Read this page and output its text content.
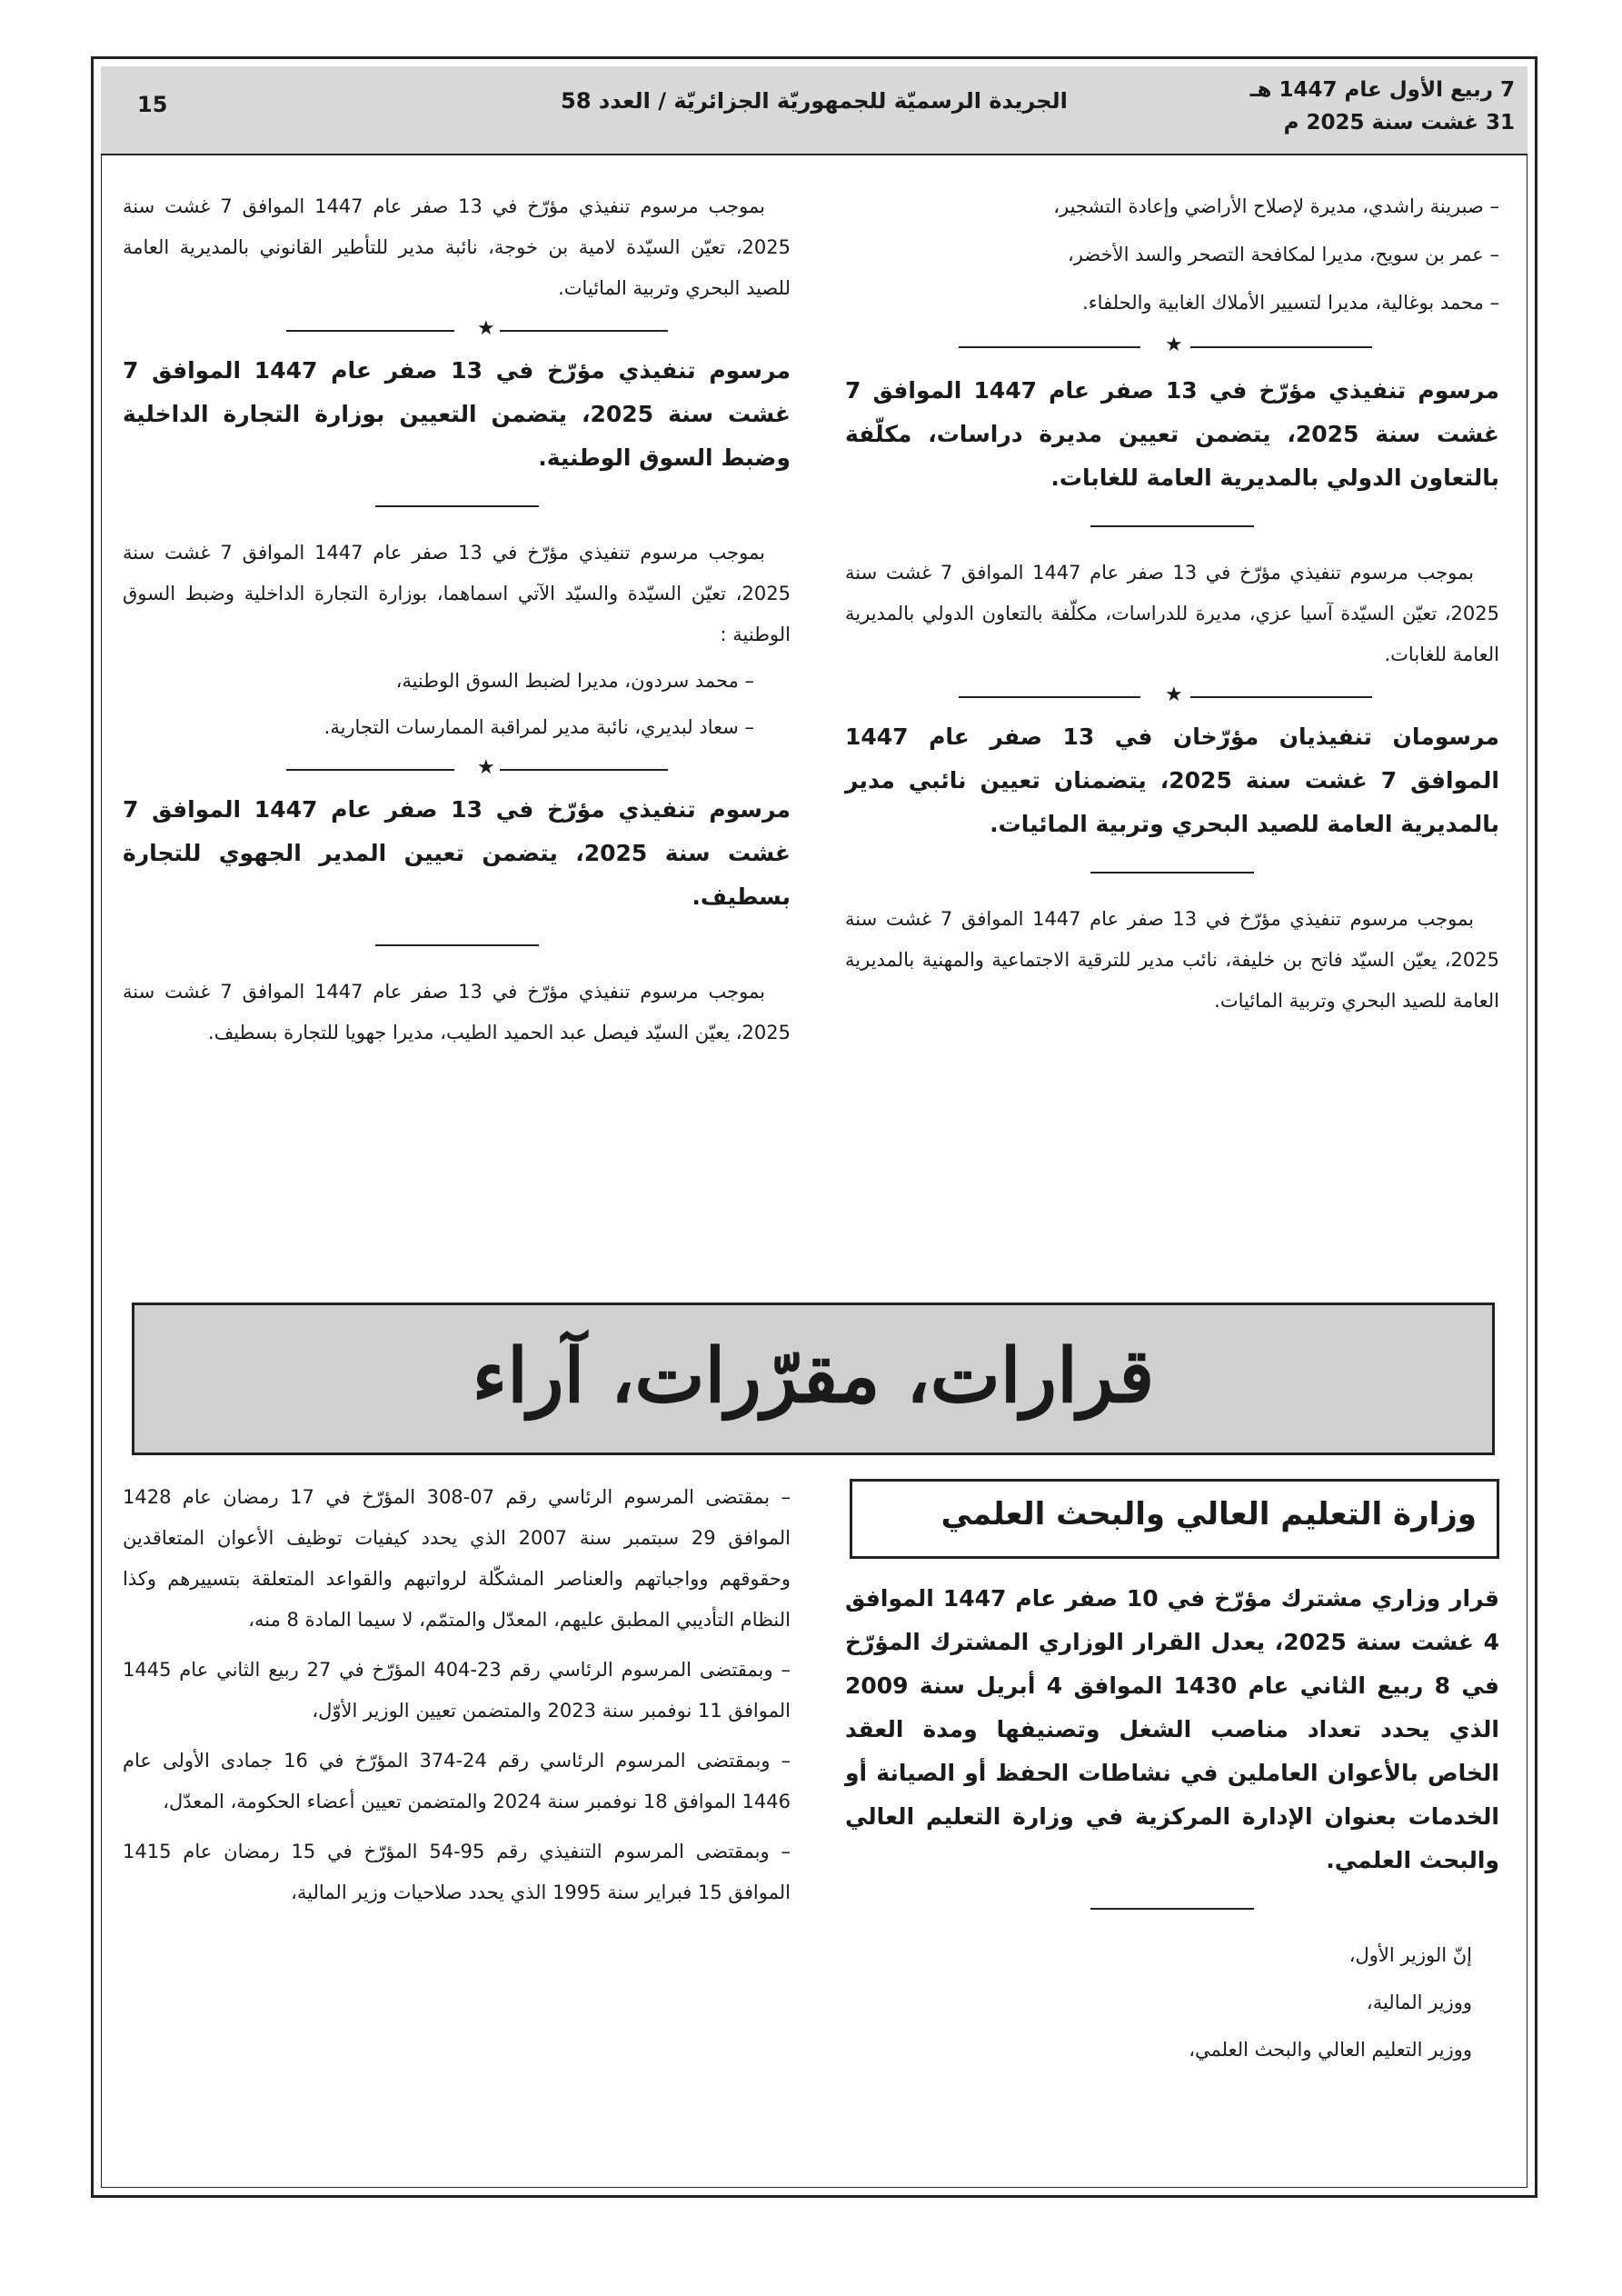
7 ربيع الأول عام 1447 هـ
31 غشت سنة 2025 م
الجريدة الرسميّة للجمهوريّة الجزائريّة / العدد 58
15

– صبرينة راشدي، مديرة لإصلاح الأراضي وإعادة التشجير،

– عمر بن سويح، مديرا لمكافحة التصحر والسد الأخضر،

– محمد بوغالية، مديرا لتسيير الأملاك الغابية والحلفاء.

★

مرسوم تنفيذي مؤرّخ في 13 صفر عام 1447 الموافق 7 غشت سنة 2025، يتضمن تعيين مديرة دراسات، مكلّفة بالتعاون الدولي بالمديرية العامة للغابات.

بموجب مرسوم تنفيذي مؤرّخ في 13 صفر عام 1447 الموافق 7 غشت سنة 2025، تعيّن السيّدة آسيا عزي، مديرة للدراسات، مكلّفة بالتعاون الدولي بالمديرية العامة للغابات.

★

مرسومان تنفيذيان مؤرّخان في 13 صفر عام 1447 الموافق 7 غشت سنة 2025، يتضمنان تعيين نائبي مدير بالمديرية العامة للصيد البحري وتربية المائيات.

بموجب مرسوم تنفيذي مؤرّخ في 13 صفر عام 1447 الموافق 7 غشت سنة 2025، يعيّن السيّد فاتح بن خليفة، نائب مدير للترقية الاجتماعية والمهنية بالمديرية العامة للصيد البحري وتربية المائيات.

بموجب مرسوم تنفيذي مؤرّخ في 13 صفر عام 1447 الموافق 7 غشت سنة 2025، تعيّن السيّدة لامية بن خوجة، نائبة مدير للتأطير القانوني بالمديرية العامة للصيد البحري وتربية المائيات.

★

مرسوم تنفيذي مؤرّخ في 13 صفر عام 1447 الموافق 7 غشت سنة 2025، يتضمن التعيين بوزارة التجارة الداخلية وضبط السوق الوطنية.

بموجب مرسوم تنفيذي مؤرّخ في 13 صفر عام 1447 الموافق 7 غشت سنة 2025، تعيّن السيّدة والسيّد الآتي اسماهما، بوزارة التجارة الداخلية وضبط السوق الوطنية :

– محمد سردون، مديرا لضبط السوق الوطنية،

– سعاد لبديري، نائبة مدير لمراقبة الممارسات التجارية.

★

مرسوم تنفيذي مؤرّخ في 13 صفر عام 1447 الموافق 7 غشت سنة 2025، يتضمن تعيين المدير الجهوي للتجارة بسطيف.

بموجب مرسوم تنفيذي مؤرّخ في 13 صفر عام 1447 الموافق 7 غشت سنة 2025، يعيّن السيّد فيصل عبد الحميد الطيب، مديرا جهويا للتجارة بسطيف.

قرارات، مقرّرات، آراء
وزارة التعليم العالي والبحث العلمي

قرار وزاري مشترك مؤرّخ في 10 صفر عام 1447 الموافق 4 غشت سنة 2025، يعدل القرار الوزاري المشترك المؤرّخ في 8 ربيع الثاني عام 1430 الموافق 4 أبريل سنة 2009 الذي يحدد تعداد مناصب الشغل وتصنيفها ومدة العقد الخاص بالأعوان العاملين في نشاطات الحفظ أو الصيانة أو الخدمات بعنوان الإدارة المركزية في وزارة التعليم العالي والبحث العلمي.

إنّ الوزير الأول،
ووزير المالية،
ووزير التعليم العالي والبحث العلمي،

– بمقتضى المرسوم الرئاسي رقم 07-308 المؤرّخ في 17 رمضان عام 1428 الموافق 29 سبتمبر سنة 2007 الذي يحدد كيفيات توظيف الأعوان المتعاقدين وحقوقهم وواجباتهم والعناصر المشكّلة لرواتبهم والقواعد المتعلقة بتسييرهم وكذا النظام التأديبي المطبق عليهم، المعدّل والمتمّم، لا سيما المادة 8 منه،

– وبمقتضى المرسوم الرئاسي رقم 23-404 المؤرّخ في 27 ربيع الثاني عام 1445 الموافق 11 نوفمبر سنة 2023 والمتضمن تعيين الوزير الأوّل،

– وبمقتضى المرسوم الرئاسي رقم 24-374 المؤرّخ في 16 جمادى الأولى عام 1446 الموافق 18 نوفمبر سنة 2024 والمتضمن تعيين أعضاء الحكومة، المعدّل،

– وبمقتضى المرسوم التنفيذي رقم 95-54 المؤرّخ في 15 رمضان عام 1415 الموافق 15 فبراير سنة 1995 الذي يحدد صلاحيات وزير المالية،
